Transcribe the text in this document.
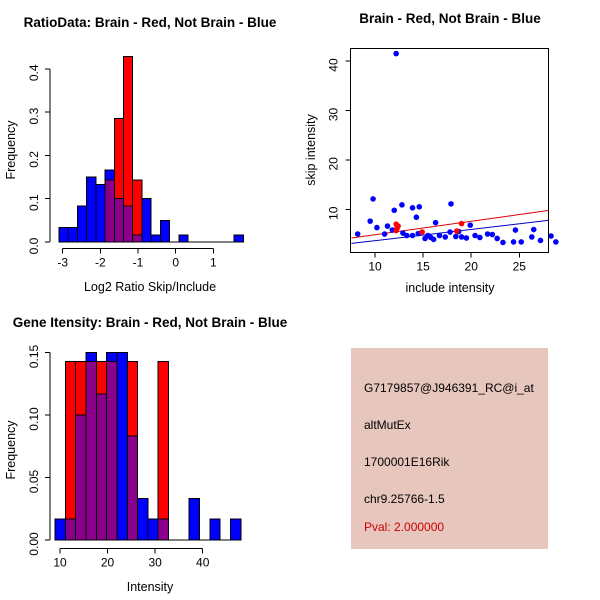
0.0
0.1
0.2
0.3
0.4
Frequency
-3 -2 -1 0	1
Log2 Ratio Skip/Include
RatioData: Brain - Red, Not Brain - Blue
10
20
30
40
skip intensity
10	15	20	25
include intensity
Brain - Red, Not Brain - Blue
0.00
0.05
0.10
0.15
Frequency
10	20	30	40
Intensity
Gene Itensity: Brain - Red, Not Brain - Blue
G7179857@J946391_RC@i_at
altMutEx
1700001E16Rik
chr9.25766-1.5
Pval: 2.000000
